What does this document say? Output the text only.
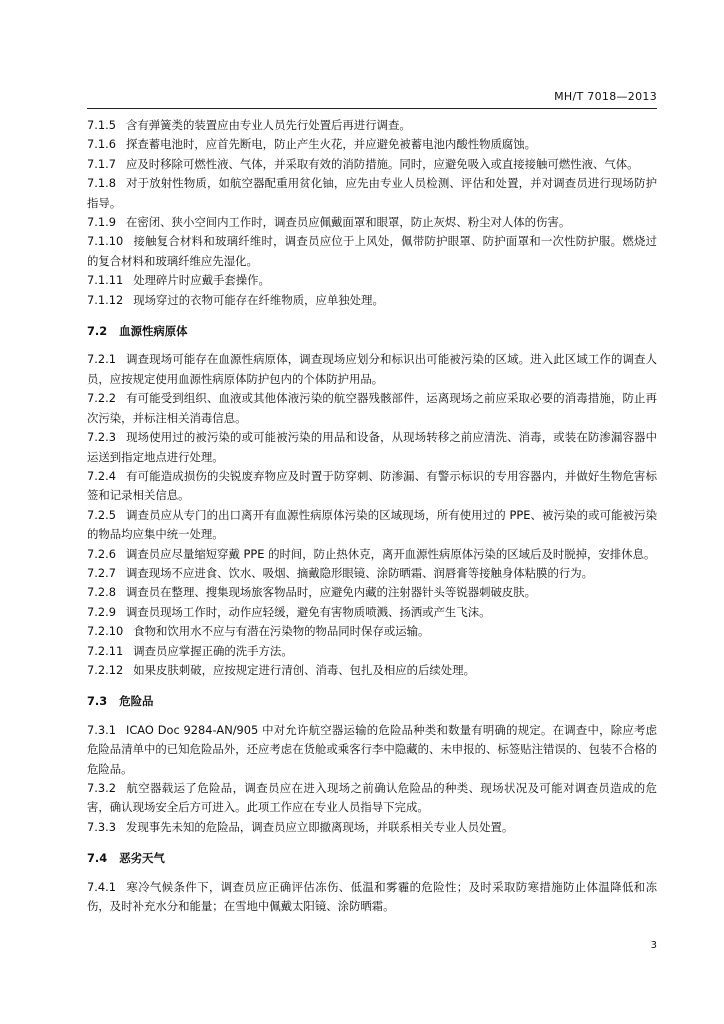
MH/T 7018—2013

7.1.5 含有弹簧类的装置应由专业人员先行处置后再进行调查。

7.1.6 探查蓄电池时，应首先断电，防止产生火花，并应避免被蓄电池内酸性物质腐蚀。

7.1.7 应及时移除可燃性液、气体，并采取有效的消防措施。同时，应避免吸入或直接接触可燃性液、气体。

7.1.8 对于放射性物质，如航空器配重用贫化铀，应先由专业人员检测、评估和处置，并对调查员进行现场防护指导。

7.1.9 在密闭、狭小空间内工作时，调查员应佩戴面罩和眼罩，防止灰烬、粉尘对人体的伤害。

7.1.10 接触复合材料和玻璃纤维时，调查员应位于上风处，佩带防护眼罩、防护面罩和一次性防护服。燃烧过的复合材料和玻璃纤维应先湿化。

7.1.11 处理碎片时应戴手套操作。

7.1.12 现场穿过的衣物可能存在纤维物质，应单独处理。

7.2 血源性病原体

7.2.1 调查现场可能存在血源性病原体，调查现场应划分和标识出可能被污染的区域。进入此区域工作的调查人员，应按规定使用血源性病原体防护包内的个体防护用品。

7.2.2 有可能受到组织、血液或其他体液污染的航空器残骸部件，运离现场之前应采取必要的消毒措施，防止再次污染，并标注相关消毒信息。

7.2.3 现场使用过的被污染的或可能被污染的用品和设备，从现场转移之前应清洗、消毒，或装在防渗漏容器中运送到指定地点进行处理。

7.2.4 有可能造成损伤的尖锐废弃物应及时置于防穿刺、防渗漏、有警示标识的专用容器内，并做好生物危害标签和记录相关信息。

7.2.5 调查员应从专门的出口离开有血源性病原体污染的区域现场，所有使用过的 PPE、被污染的或可能被污染的物品均应集中统一处理。

7.2.6 调查员应尽量缩短穿戴 PPE 的时间，防止热休克，离开血源性病原体污染的区域后及时脱掉，安排休息。

7.2.7 调查现场不应进食、饮水、吸烟、摘戴隐形眼镜、涂防晒霜、润唇膏等接触身体粘膜的行为。

7.2.8 调查员在整理、搜集现场旅客物品时，应避免内藏的注射器针头等锐器刺破皮肤。

7.2.9 调查员现场工作时，动作应轻缓，避免有害物质喷溅、扬洒或产生飞沫。

7.2.10 食物和饮用水不应与有潜在污染物的物品同时保存或运输。

7.2.11 调查员应掌握正确的洗手方法。

7.2.12 如果皮肤刺破，应按规定进行清创、消毒、包扎及相应的后续处理。

7.3 危险品

7.3.1 ICAO Doc 9284-AN/905 中对允许航空器运输的危险品种类和数量有明确的规定。在调查中，除应考虑危险品清单中的已知危险品外，还应考虑在货舱或乘客行李中隐藏的、未申报的、标签贴注错误的、包装不合格的危险品。

7.3.2 航空器载运了危险品，调查员应在进入现场之前确认危险品的种类、现场状况及可能对调查员造成的危害，确认现场安全后方可进入。此项工作应在专业人员指导下完成。

7.3.3 发现事先未知的危险品，调查员应立即撤离现场，并联系相关专业人员处置。

7.4 恶劣天气

7.4.1 寒冷气候条件下，调查员应正确评估冻伤、低温和雾霾的危险性；及时采取防寒措施防止体温降低和冻伤，及时补充水分和能量；在雪地中佩戴太阳镜、涂防晒霜。

3
